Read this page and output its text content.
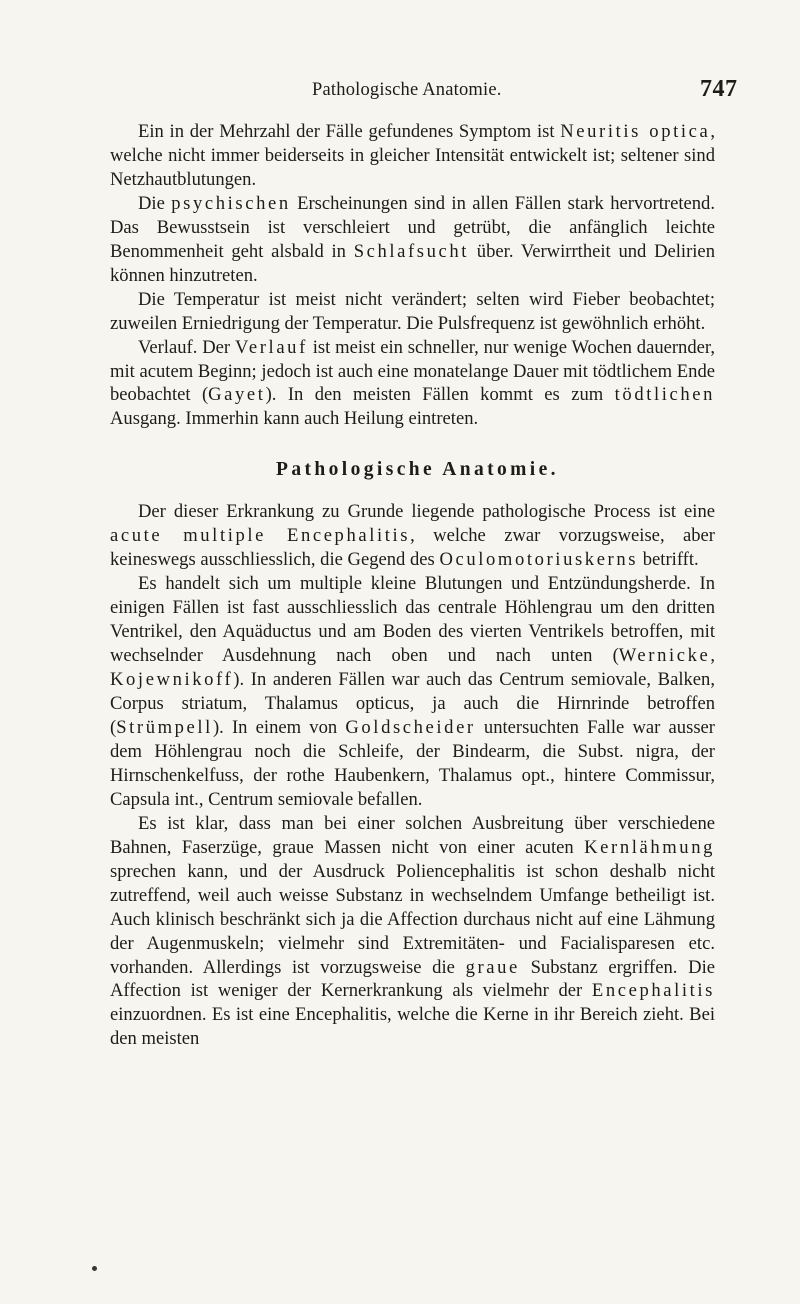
Pathologische Anatomie.	747

Ein in der Mehrzahl der Fälle gefundenes Symptom ist Neuritis optica, welche nicht immer beiderseits in gleicher Intensität entwickelt ist; seltener sind Netzhautblutungen.

Die psychischen Erscheinungen sind in allen Fällen stark hervortretend. Das Bewusstsein ist verschleiert und getrübt, die anfänglich leichte Benommenheit geht alsbald in Schlafsucht über. Verwirrtheit und Delirien können hinzutreten.

Die Temperatur ist meist nicht verändert; selten wird Fieber beobachtet; zuweilen Erniedrigung der Temperatur. Die Pulsfrequenz ist gewöhnlich erhöht.

Verlauf. Der Verlauf ist meist ein schneller, nur wenige Wochen dauernder, mit acutem Beginn; jedoch ist auch eine monatelange Dauer mit tödtlichem Ende beobachtet (Gayet). In den meisten Fällen kommt es zum tödtlichen Ausgang. Immerhin kann auch Heilung eintreten.

Pathologische Anatomie.

Der dieser Erkrankung zu Grunde liegende pathologische Process ist eine acute multiple Encephalitis, welche zwar vorzugsweise, aber keineswegs ausschliesslich, die Gegend des Oculomotoriuskerns betrifft.

Es handelt sich um multiple kleine Blutungen und Entzündungsherde. In einigen Fällen ist fast ausschliesslich das centrale Höhlengrau um den dritten Ventrikel, den Aquäductus und am Boden des vierten Ventrikels betroffen, mit wechselnder Ausdehnung nach oben und nach unten (Wernicke, Kojewnikoff). In anderen Fällen war auch das Centrum semiovale, Balken, Corpus striatum, Thalamus opticus, ja auch die Hirnrinde betroffen (Strümpell). In einem von Goldscheider untersuchten Falle war ausser dem Höhlengrau noch die Schleife, der Bindearm, die Subst. nigra, der Hirnschenkelfuss, der rothe Haubenkern, Thalamus opt., hintere Commissur, Capsula int., Centrum semiovale befallen.

Es ist klar, dass man bei einer solchen Ausbreitung über verschiedene Bahnen, Faserzüge, graue Massen nicht von einer acuten Kernlähmung sprechen kann, und der Ausdruck Poliencephalitis ist schon deshalb nicht zutreffend, weil auch weisse Substanz in wechselndem Umfange betheiligt ist. Auch klinisch beschränkt sich ja die Affection durchaus nicht auf eine Lähmung der Augenmuskeln; vielmehr sind Extremitäten- und Facialisparesen etc. vorhanden. Allerdings ist vorzugsweise die graue Substanz ergriffen. Die Affection ist weniger der Kernerkrankung als vielmehr der Encephalitis einzuordnen. Es ist eine Encephalitis, welche die Kerne in ihr Bereich zieht. Bei den meisten
